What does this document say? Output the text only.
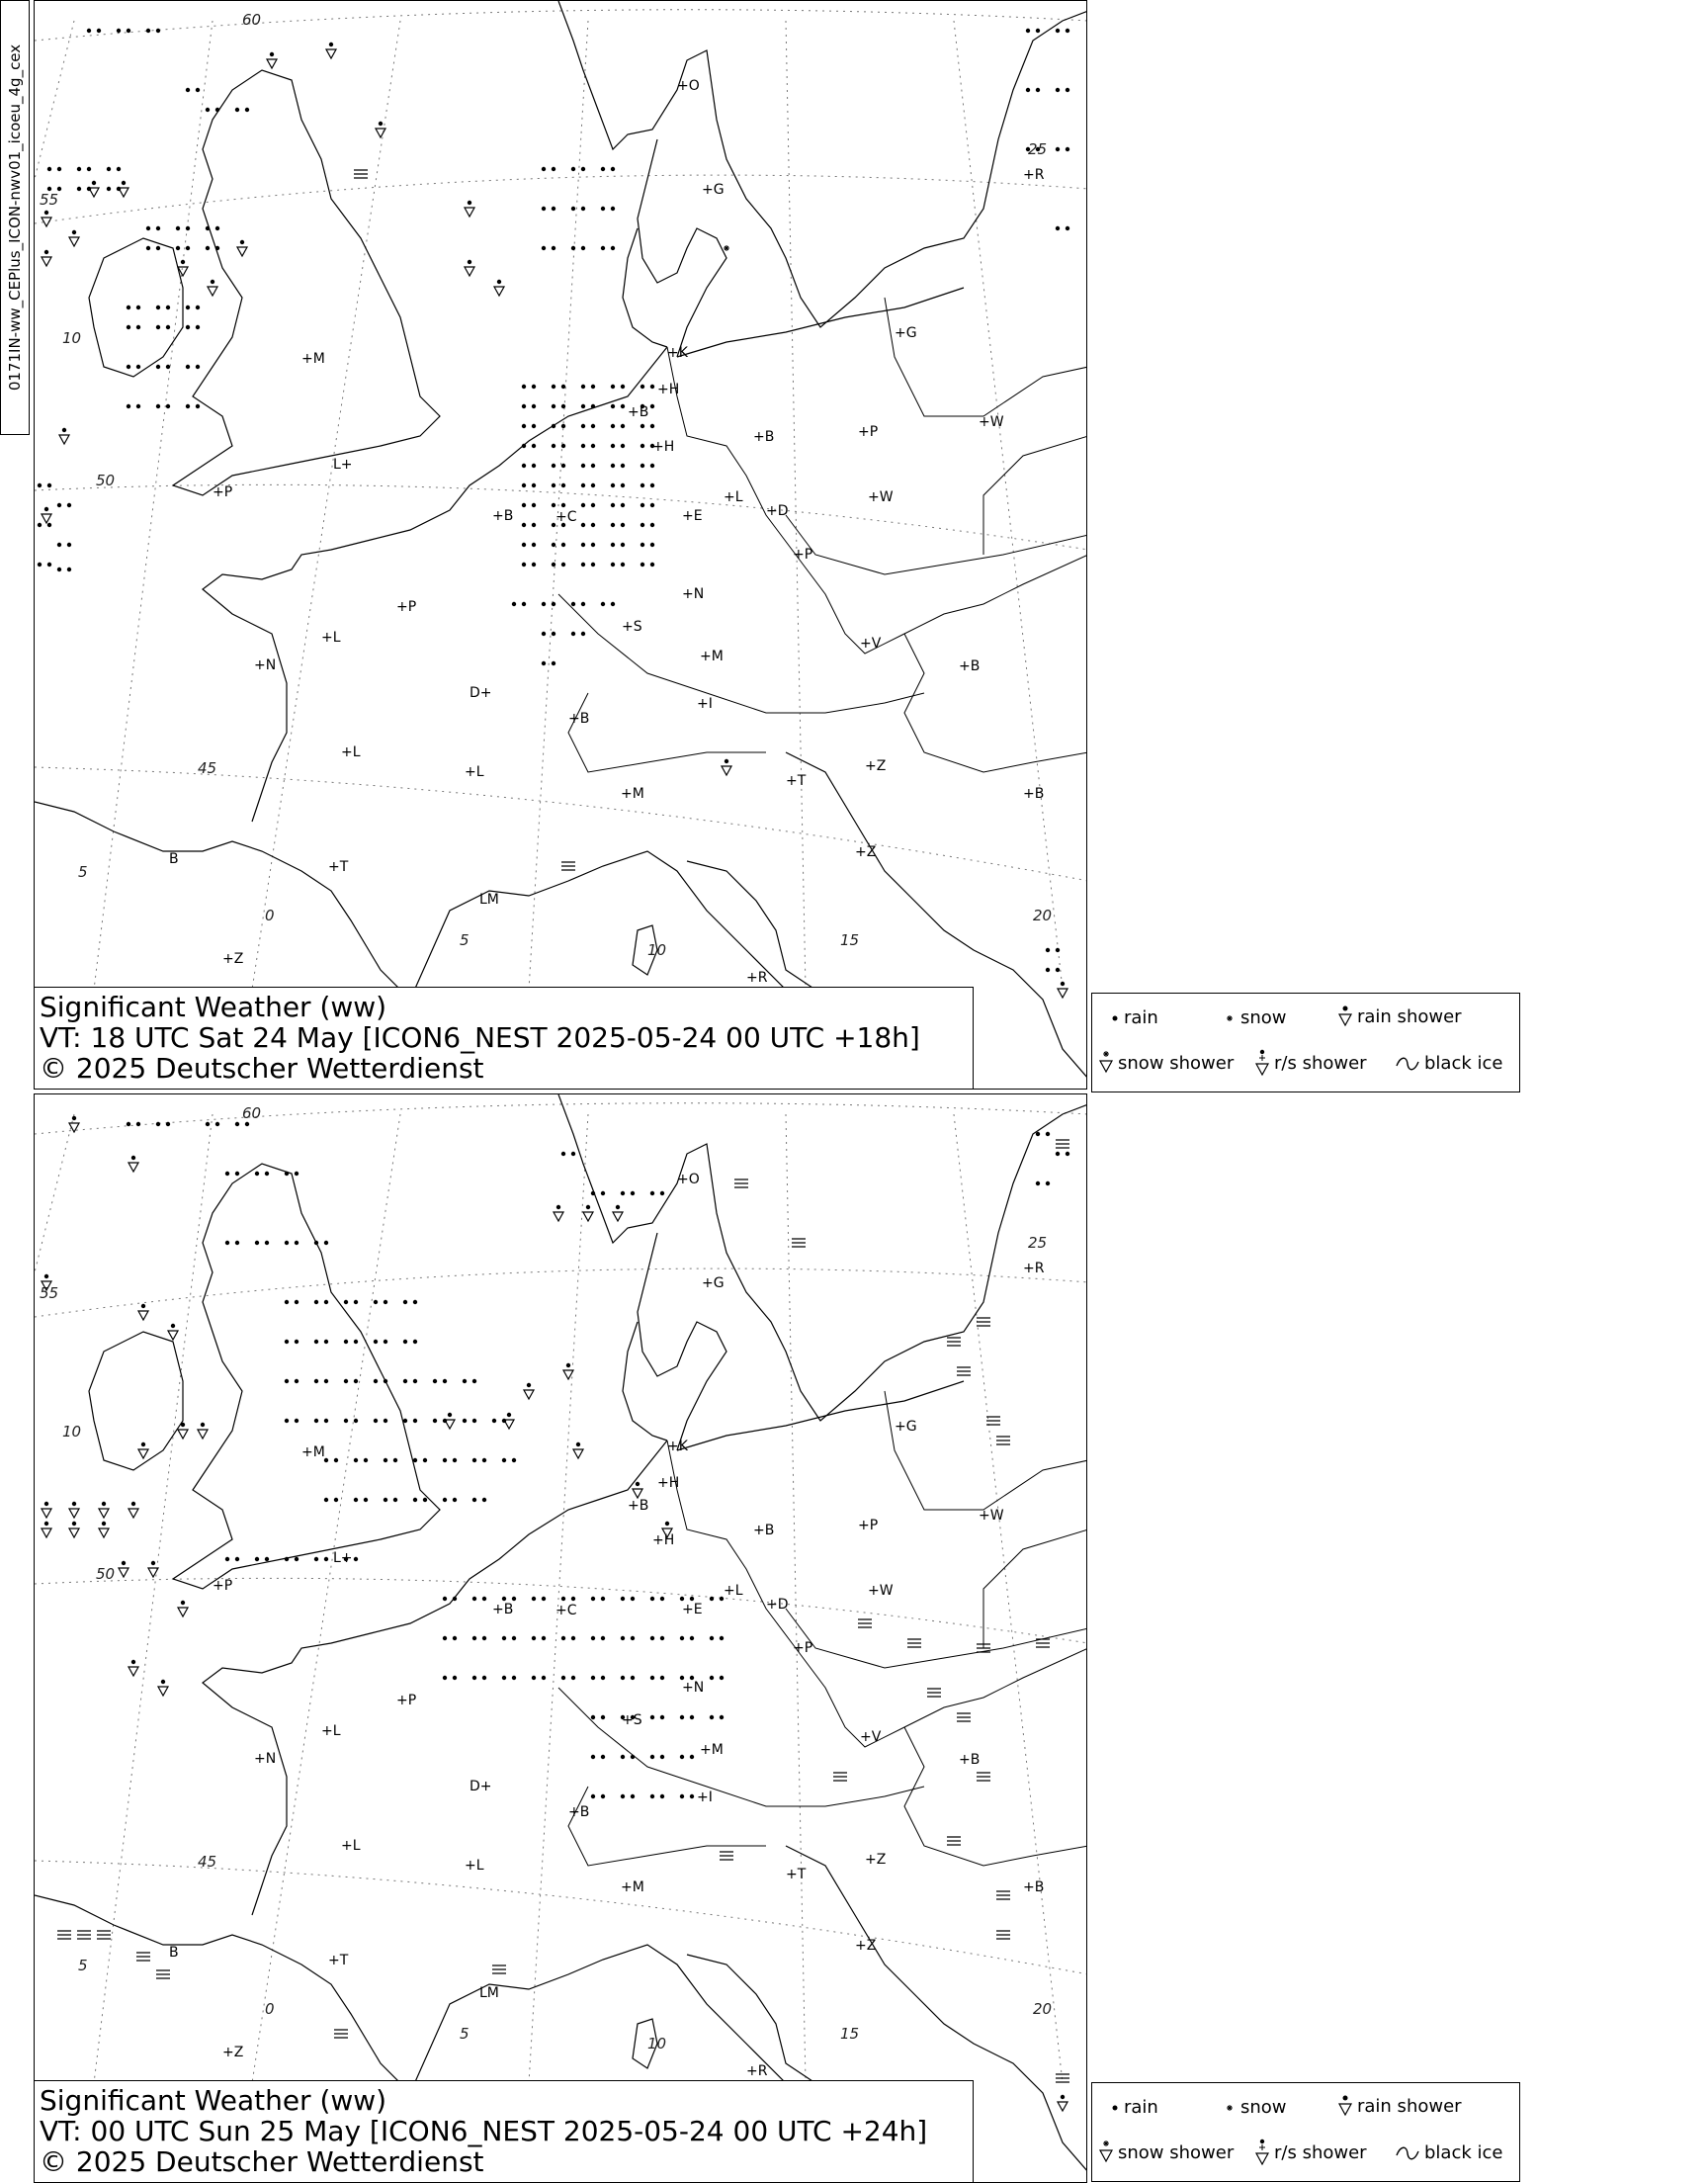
0171IN-ww_CEPlus_ICON-nwv01_icoeu_4g_cex
60
55
50
45
10
5
0
5
10
15
20
25
+O
+G
+G
+K
+H
+H
+B
+B
+B
+B
+B
+B
+P
+P
+P
+P
+W
+W
+L
+L
+L
+L
+E	+D
D+
+C
+N
+N
+S
+M
+M
+M
+V
+Z
+Z
+Z
+T
+T
+R
+R
+I
LM
B
L+
Significant Weather (ww)
VT: 18 UTC Sat 24 May [ICON6_NEST 2025-05-24 00 UTC +18h]
© 2025 Deutscher Wetterdienst
rain	snow	rain shower
snow shower r/s shower	black ice
60
55
50
45
10
5
0
5
10
15
20
25
+O
+G
+G
+K
+H
+H
+B
+B
+B
+B
+B
+B
+P
+P
+P
+P
+W
+W
+L
+L
+L
+L
+E	+D
D+
+C
+N
+N
+S
+M
+M
+M
+V
+Z
+Z
+Z
+T
+T
+R
+R
+I
LM
B
L+
Significant Weather (ww)
VT: 00 UTC Sun 25 May [ICON6_NEST 2025-05-24 00 UTC +24h]
© 2025 Deutscher Wetterdienst
rain	snow	rain shower
snow shower r/s shower	black ice
